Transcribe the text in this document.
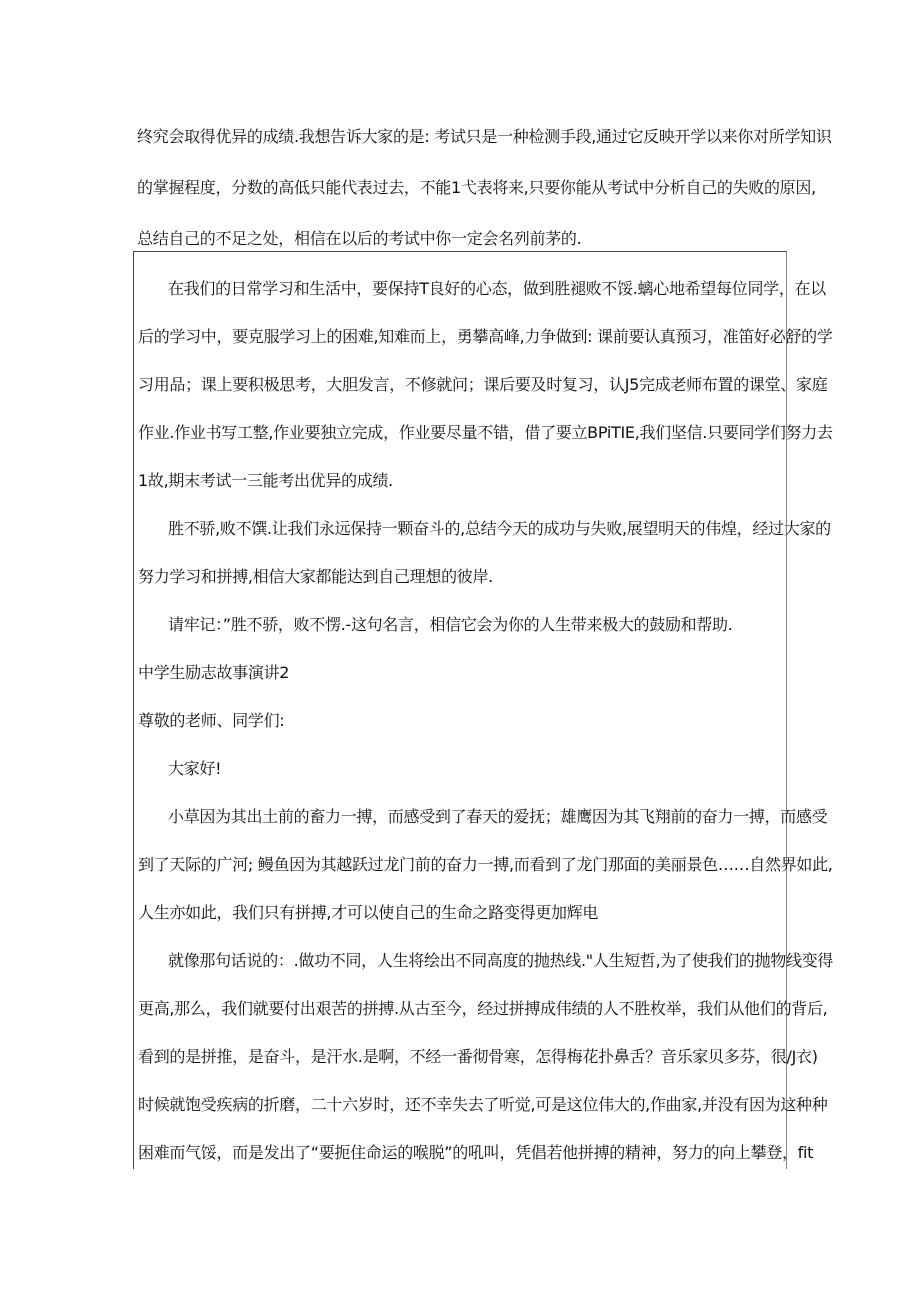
终究会取得优异的成绩.我想告诉大家的是: 考试只是一种检测手段,通过它反映开学以来你对所学知识
的掌握程度，分数的高低只能代表过去，不能1弋表将来,只要你能从考试中分析自己的失败的原因,
总结自己的不足之处，相信在以后的考试中你一定会名列前茅的.
在我们的日常学习和生活中，要保持T良好的心态，做到胜褪败不馁.螭心地希望每位同学，在以
后的学习中，要克服学习上的困难,知难而上，勇攀高峰,力争做到: 课前要认真预习，准笛好必舒的学
习用品；课上要积极思考，大胆发言，不修就问；课后要及时复习，认J5完成老师布置的课堂、家庭
作业.作业书写工整,作业要独立完成，作业要尽量不错，借了要立BPiTIE,我们坚信.只要同学们努力去
1故,期末考试一三能考出优异的成绩.
胜不骄,败不馔.让我们永远保持一颗奋斗的,总结今天的成功与失败,展望明天的伟煌，经过大家的
努力学习和拼搏,相信大家都能达到自己理想的彼岸.
请牢记：”胜不骄，败不愣.-这句名言，相信它会为你的人生带来极大的鼓励和帮助.
中学生励志故事演讲2
尊敬的老师、同学们:
大家好!
小草因为其出土前的畜力一搏，而感受到了春天的爱抚；雄鹰因为其飞翔前的奋力一搏，而感受
到了天际的广河; 鳗鱼因为其越跃过龙门前的奋力一搏,而看到了龙门那面的美丽景色……自然界如此,
人生亦如此，我们只有拼搏,才可以使自己的生命之路变得更加辉电
就像那句话说的：.做功不同，人生将绘出不同高度的抛热线."人生短哲,为了使我们的抛物线变得
更高,那么，我们就要付出艰苦的拼搏.从古至今，经过拼搏成伟绩的人不胜枚举，我们从他们的背后,
看到的是拼推，是奋斗，是汗水.是啊，不经一番彻骨寒，怎得梅花扑鼻舌？音乐家贝多芬，很/J衣)
时候就饱受疾病的折磨，二十六岁时，还不幸失去了听觉,可是这位伟大的,作曲家,并没有因为这种种
困难而气馁，而是发出了“要扼住命运的喉脱”的吼叫，凭倡若他拼搏的精神，努力的向上攀登，fit
